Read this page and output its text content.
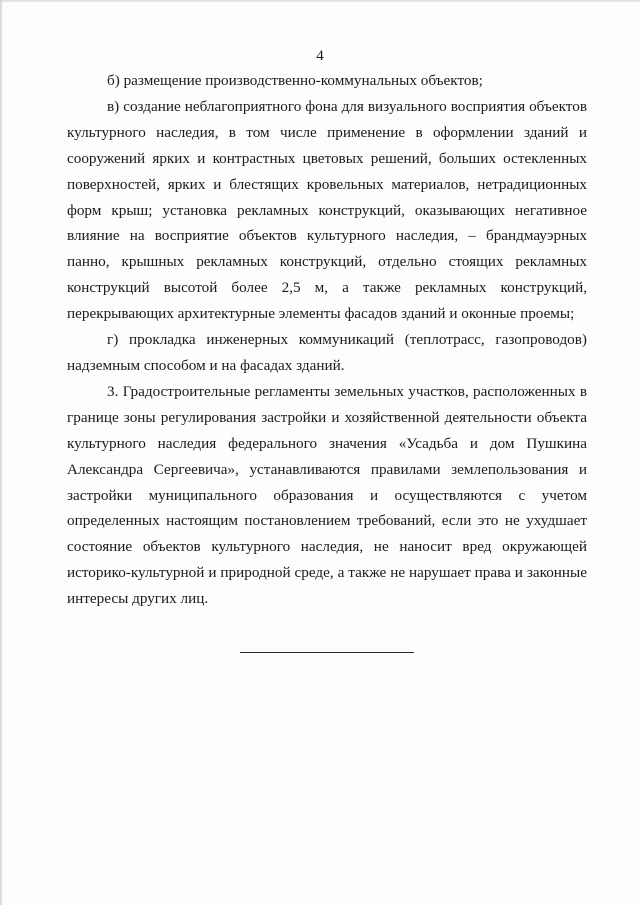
4

б) размещение производственно-коммунальных объектов;

в) создание неблагоприятного фона для визуального восприятия объектов культурного наследия, в том числе применение в оформлении зданий и сооружений ярких и контрастных цветовых решений, больших остекленных поверхностей, ярких и блестящих кровельных материалов, нетрадиционных форм крыш; установка рекламных конструкций, оказывающих негативное влияние на восприятие объектов культурного наследия, – брандмауэрных панно, крышных рекламных конструкций, отдельно стоящих рекламных конструкций высотой более 2,5 м, а также рекламных конструкций, перекрывающих архитектурные элементы фасадов зданий и оконные проемы;

г) прокладка инженерных коммуникаций (теплотрасс, газопроводов) надземным способом и на фасадах зданий.

3. Градостроительные регламенты земельных участков, расположенных в границе зоны регулирования застройки и хозяйственной деятельности объекта культурного наследия федерального значения «Усадьба и дом Пушкина Александра Сергеевича», устанавливаются правилами землепользования и застройки муниципального образования и осуществляются с учетом определенных настоящим постановлением требований, если это не ухудшает состояние объектов культурного наследия, не наносит вред окружающей историко-культурной и природной среде, а также не нарушает права и законные интересы других лиц.
